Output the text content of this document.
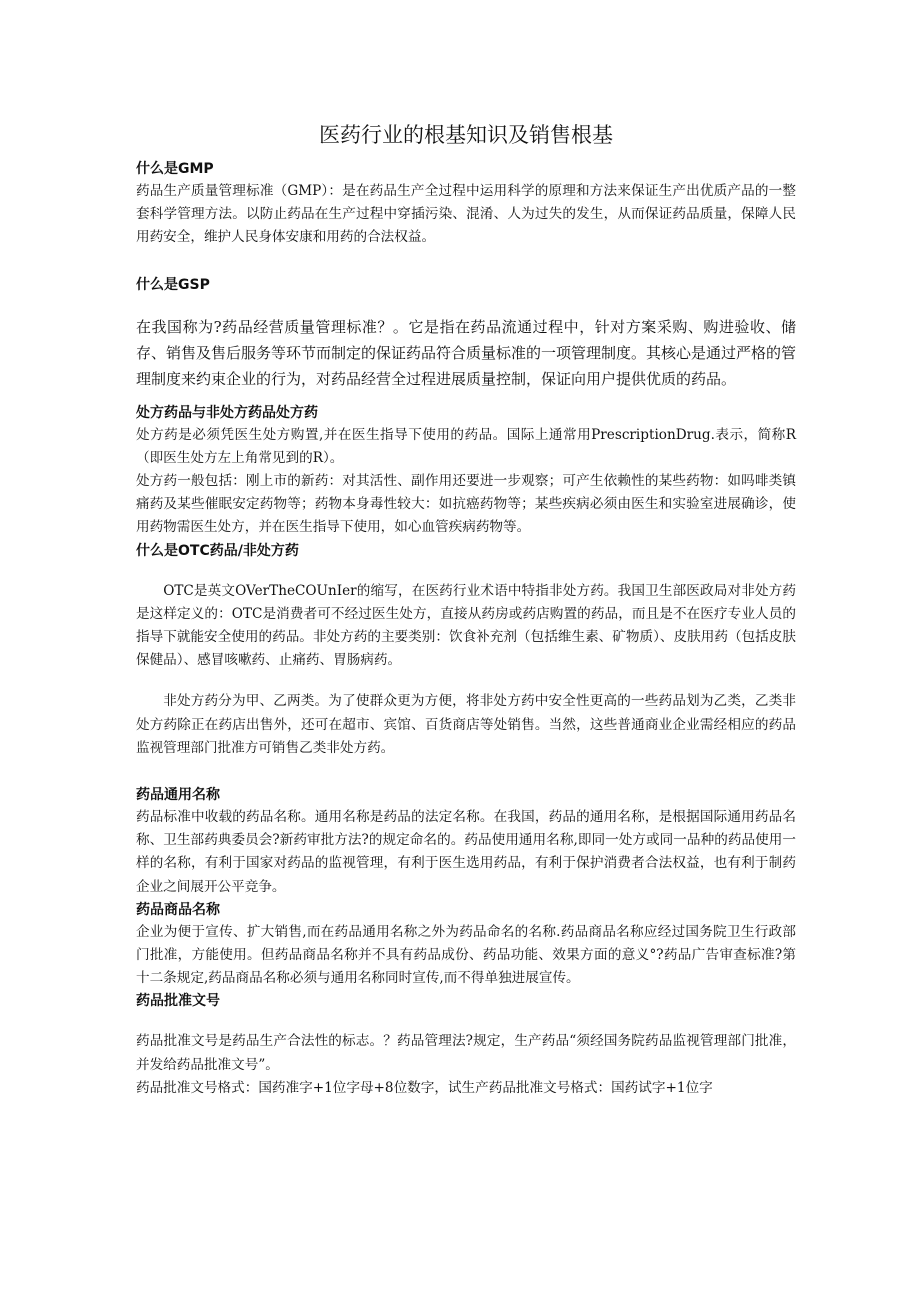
医药行业的根基知识及销售根基

什么是GMP

药品生产质量管理标准（GMP）：是在药品生产全过程中运用科学的原理和方法来保证生产出优质产品的一整套科学管理方法。以防止药品在生产过程中穿插污染、混淆、人为过失的发生，从而保证药品质量，保障人民用药安全，维护人民身体安康和用药的合法权益。

什么是GSP

在我国称为?药品经营质量管理标准？。它是指在药品流通过程中，针对方案采购、购进验收、储存、销售及售后服务等环节而制定的保证药品符合质量标准的一项管理制度。其核心是通过严格的管理制度来约束企业的行为，对药品经营全过程进展质量控制，保证向用户提供优质的药品。

处方药品与非处方药品处方药

处方药是必须凭医生处方购置,并在医生指导下使用的药品。国际上通常用PrescriptionDrug.表示，简称R（即医生处方左上角常见到的R）。

处方药一般包括：刚上市的新药：对其活性、副作用还要进一步观察；可产生依赖性的某些药物：如吗啡类镇痛药及某些催眠安定药物等；药物本身毒性较大：如抗癌药物等；某些疾病必须由医生和实验室进展确诊，使用药物需医生处方，并在医生指导下使用，如心血管疾病药物等。

什么是OTC药品/非处方药

OTC是英文OVerTheCOUnIer的缩写，在医药行业术语中特指非处方药。我国卫生部医政局对非处方药是这样定义的：OTC是消费者可不经过医生处方，直接从药房或药店购置的药品，而且是不在医疗专业人员的指导下就能安全使用的药品。非处方药的主要类别：饮食补充剂（包括维生素、矿物质）、皮肤用药（包括皮肤保健品）、感冒咳嗽药、止痛药、胃肠病药。

非处方药分为甲、乙两类。为了使群众更为方便，将非处方药中安全性更高的一些药品划为乙类，乙类非处方药除正在药店出售外，还可在超市、宾馆、百货商店等处销售。当然，这些普通商业企业需经相应的药品监视管理部门批准方可销售乙类非处方药。

药品通用名称

药品标准中收载的药品名称。通用名称是药品的法定名称。在我国，药品的通用名称，是根据国际通用药品名称、卫生部药典委员会?新药审批方法?的规定命名的。药品使用通用名称,即同一处方或同一品种的药品使用一样的名称，有利于国家对药品的监视管理，有利于医生选用药品，有利于保护消费者合法权益，也有利于制药企业之间展开公平竞争。

药品商品名称

企业为便于宣传、扩大销售,而在药品通用名称之外为药品命名的名称.药品商品名称应经过国务院卫生行政部门批准，方能使用。但药品商品名称并不具有药品成份、药品功能、效果方面的意义°?药品广告审查标准?第十二条规定,药品商品名称必须与通用名称同时宣传,而不得单独进展宣传。

药品批准文号

药品批准文号是药品生产合法性的标志。？药品管理法?规定，生产药品“须经国务院药品监视管理部门批准，并发给药品批准文号”。

药品批准文号格式：国药准字+1位字母+8位数字，试生产药品批准文号格式：国药试字+1位字
